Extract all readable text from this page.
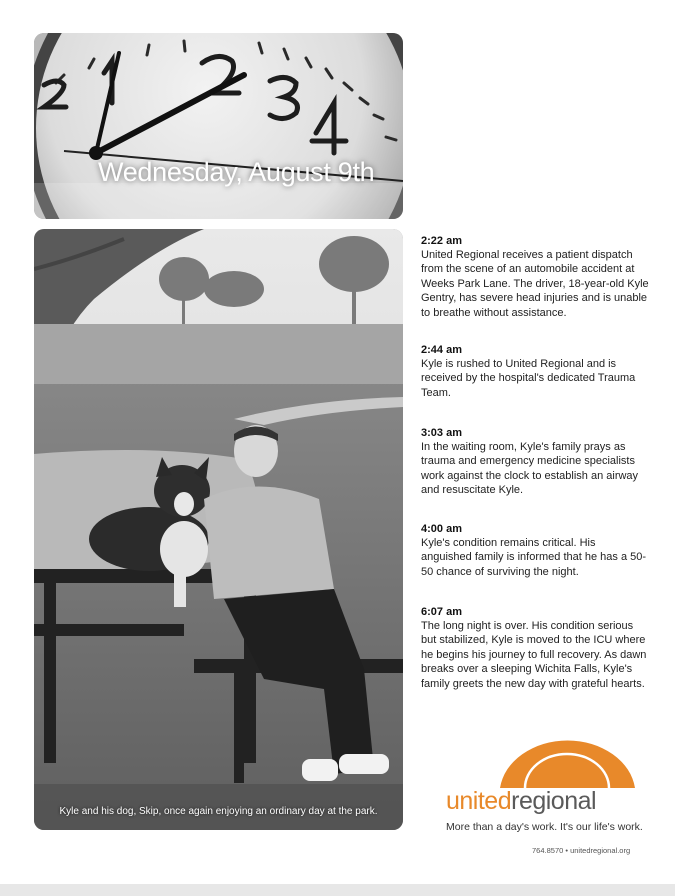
Wednesday, August 9th
Kyle and his dog, Skip, once again enjoying an ordinary day at the park.
2:22 am
United Regional receives a patient dispatch from the scene of an automobile accident at Weeks Park Lane. The driver, 18-year-old Kyle Gentry, has severe head injuries and is unable to breathe without assistance.
2:44 am
Kyle is rushed to United Regional and is received by the hospital's dedicated Trauma Team.
3:03 am
In the waiting room, Kyle's family prays as trauma and emergency medicine specialists work against the clock to establish an airway and resuscitate Kyle.
4:00 am
Kyle's condition remains critical. His anguished family is informed that he has a 50-50 chance of surviving the night.
6:07 am
The long night is over. His condition serious but stabilized, Kyle is moved to the ICU where he begins his journey to full recovery. As dawn breaks over a sleeping Wichita Falls, Kyle's family greets the new day with grateful hearts.
unitedregional
More than a day's work. It's our life's work.
764.8570 • unitedregional.org
